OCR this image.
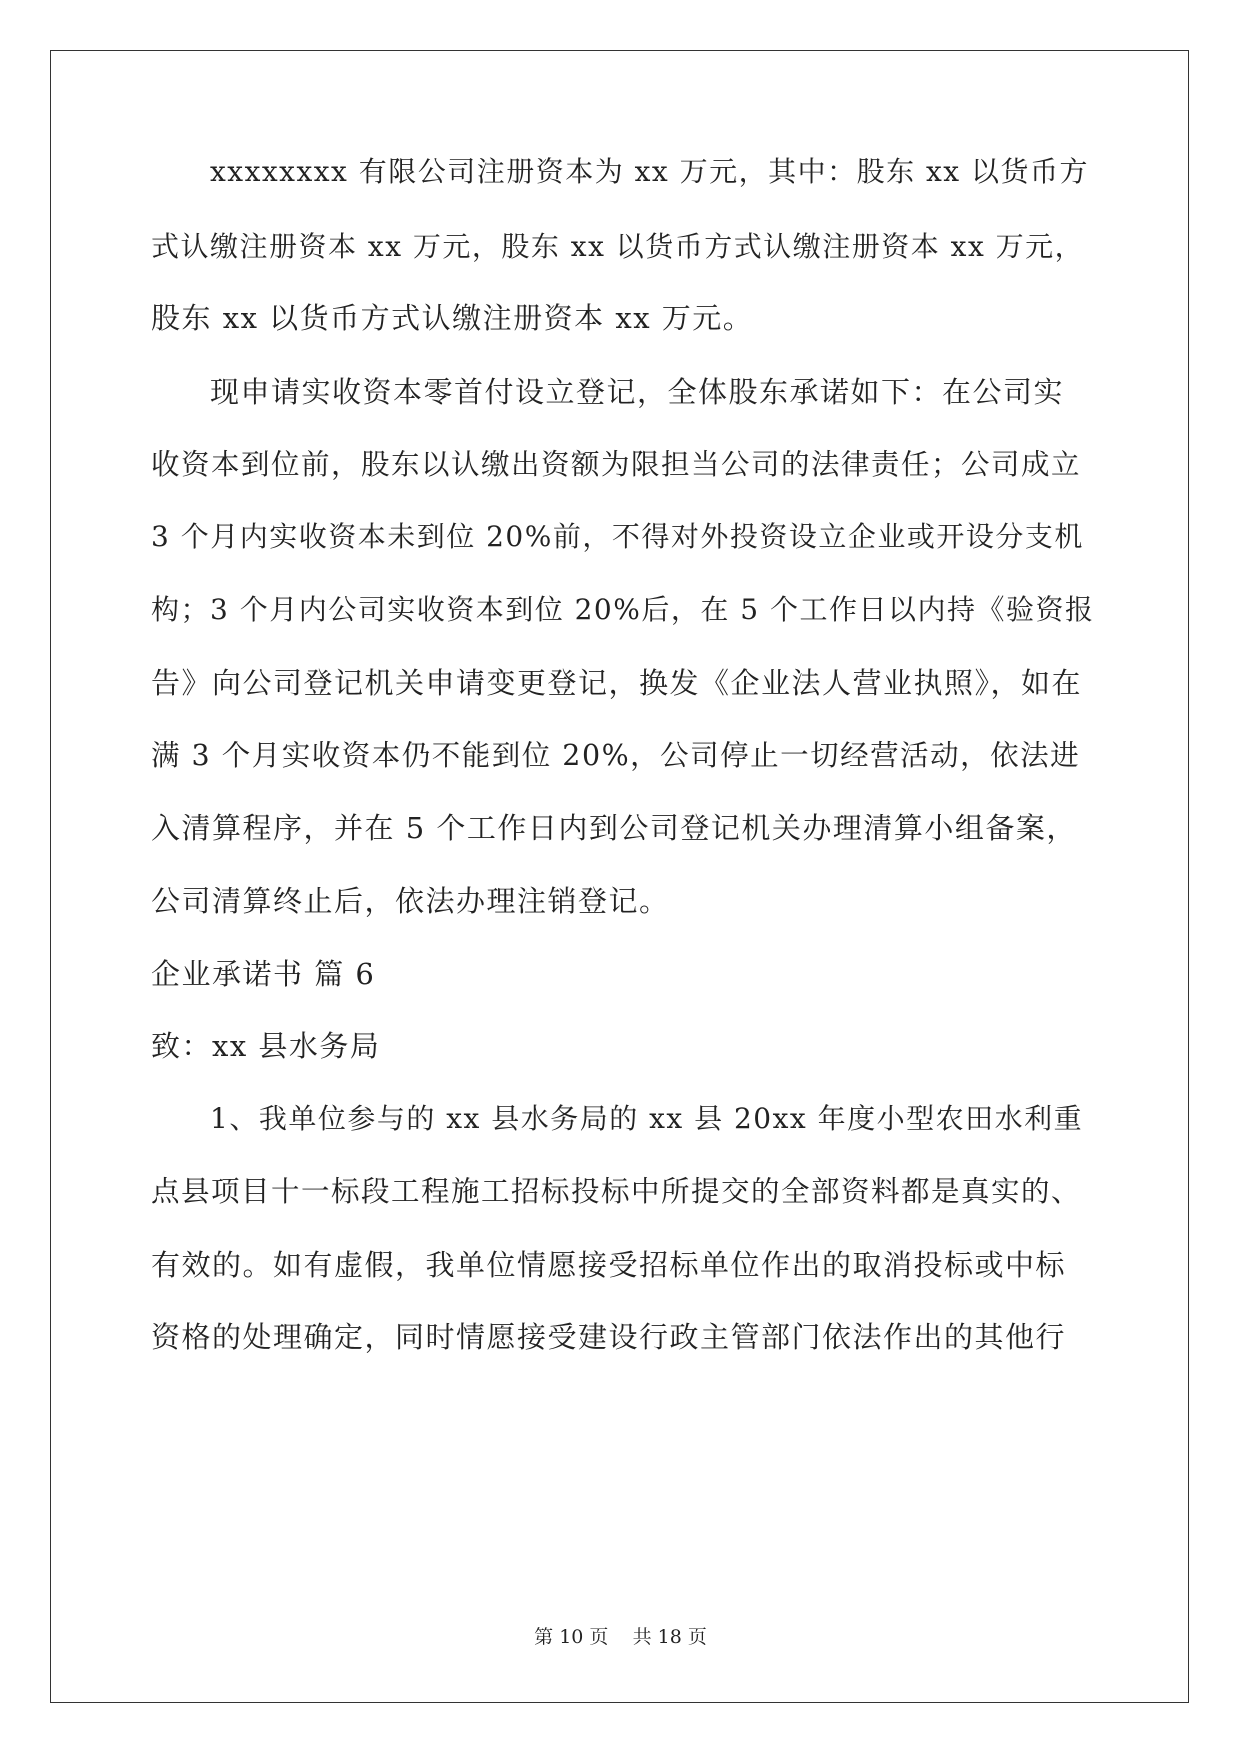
xxxxxxxx 有限公司注册资本为 xx 万元，其中：股东 xx 以货币方

式认缴注册资本 xx 万元，股东 xx 以货币方式认缴注册资本 xx 万元，

股东 xx 以货币方式认缴注册资本 xx 万元。

现申请实收资本零首付设立登记，全体股东承诺如下：在公司实

收资本到位前，股东以认缴出资额为限担当公司的法律责任；公司成立

3 个月内实收资本未到位 20%前，不得对外投资设立企业或开设分支机

构；3 个月内公司实收资本到位 20%后，在 5 个工作日以内持《验资报

告》向公司登记机关申请变更登记，换发《企业法人营业执照》，如在

满 3 个月实收资本仍不能到位 20%，公司停止一切经营活动，依法进

入清算程序，并在 5 个工作日内到公司登记机关办理清算小组备案，

公司清算终止后，依法办理注销登记。

企业承诺书 篇 6

致：xx 县水务局

1、我单位参与的 xx 县水务局的 xx 县 20xx 年度小型农田水利重

点县项目十一标段工程施工招标投标中所提交的全部资料都是真实的、

有效的。如有虚假，我单位情愿接受招标单位作出的取消投标或中标

资格的处理确定，同时情愿接受建设行政主管部门依法作出的其他行

第 10 页    共 18 页
